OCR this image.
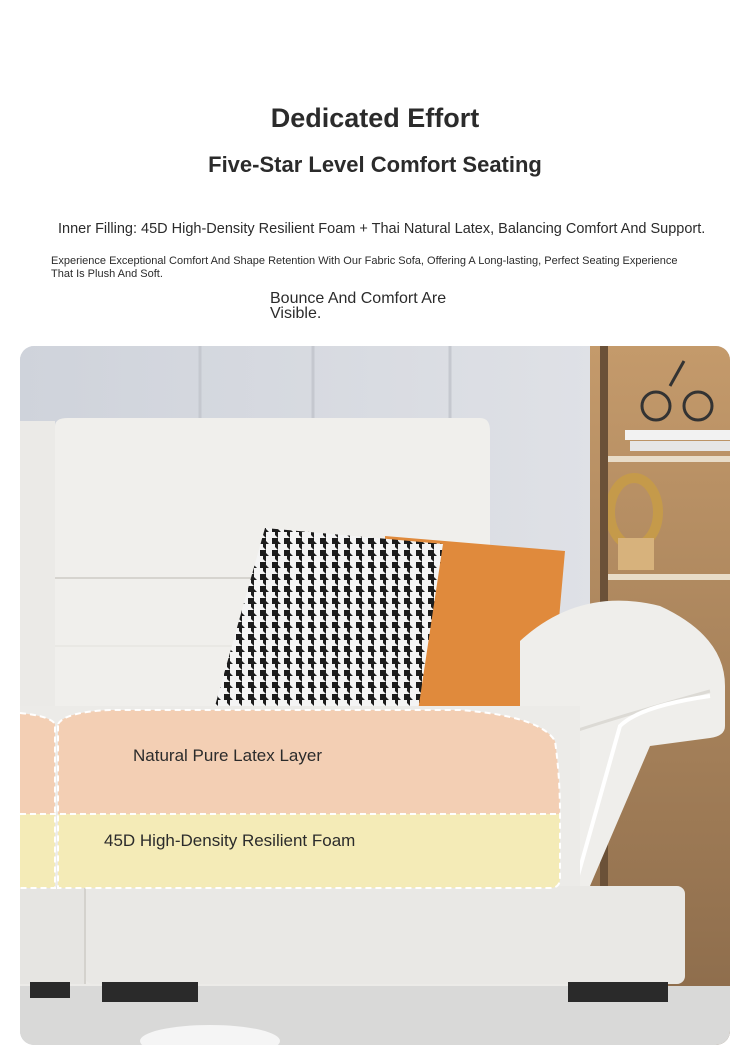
Dedicated Effort
Five-Star Level Comfort Seating
Inner Filling: 45D High-Density Resilient Foam + Thai Natural Latex, Balancing Comfort And Support.
Experience Exceptional Comfort And Shape Retention With Our Fabric Sofa, Offering A Long-lasting, Perfect Seating Experience That Is Plush And Soft.
Bounce And Comfort Are Visible.
Natural Pure Latex Layer
45D High-Density Resilient Foam
